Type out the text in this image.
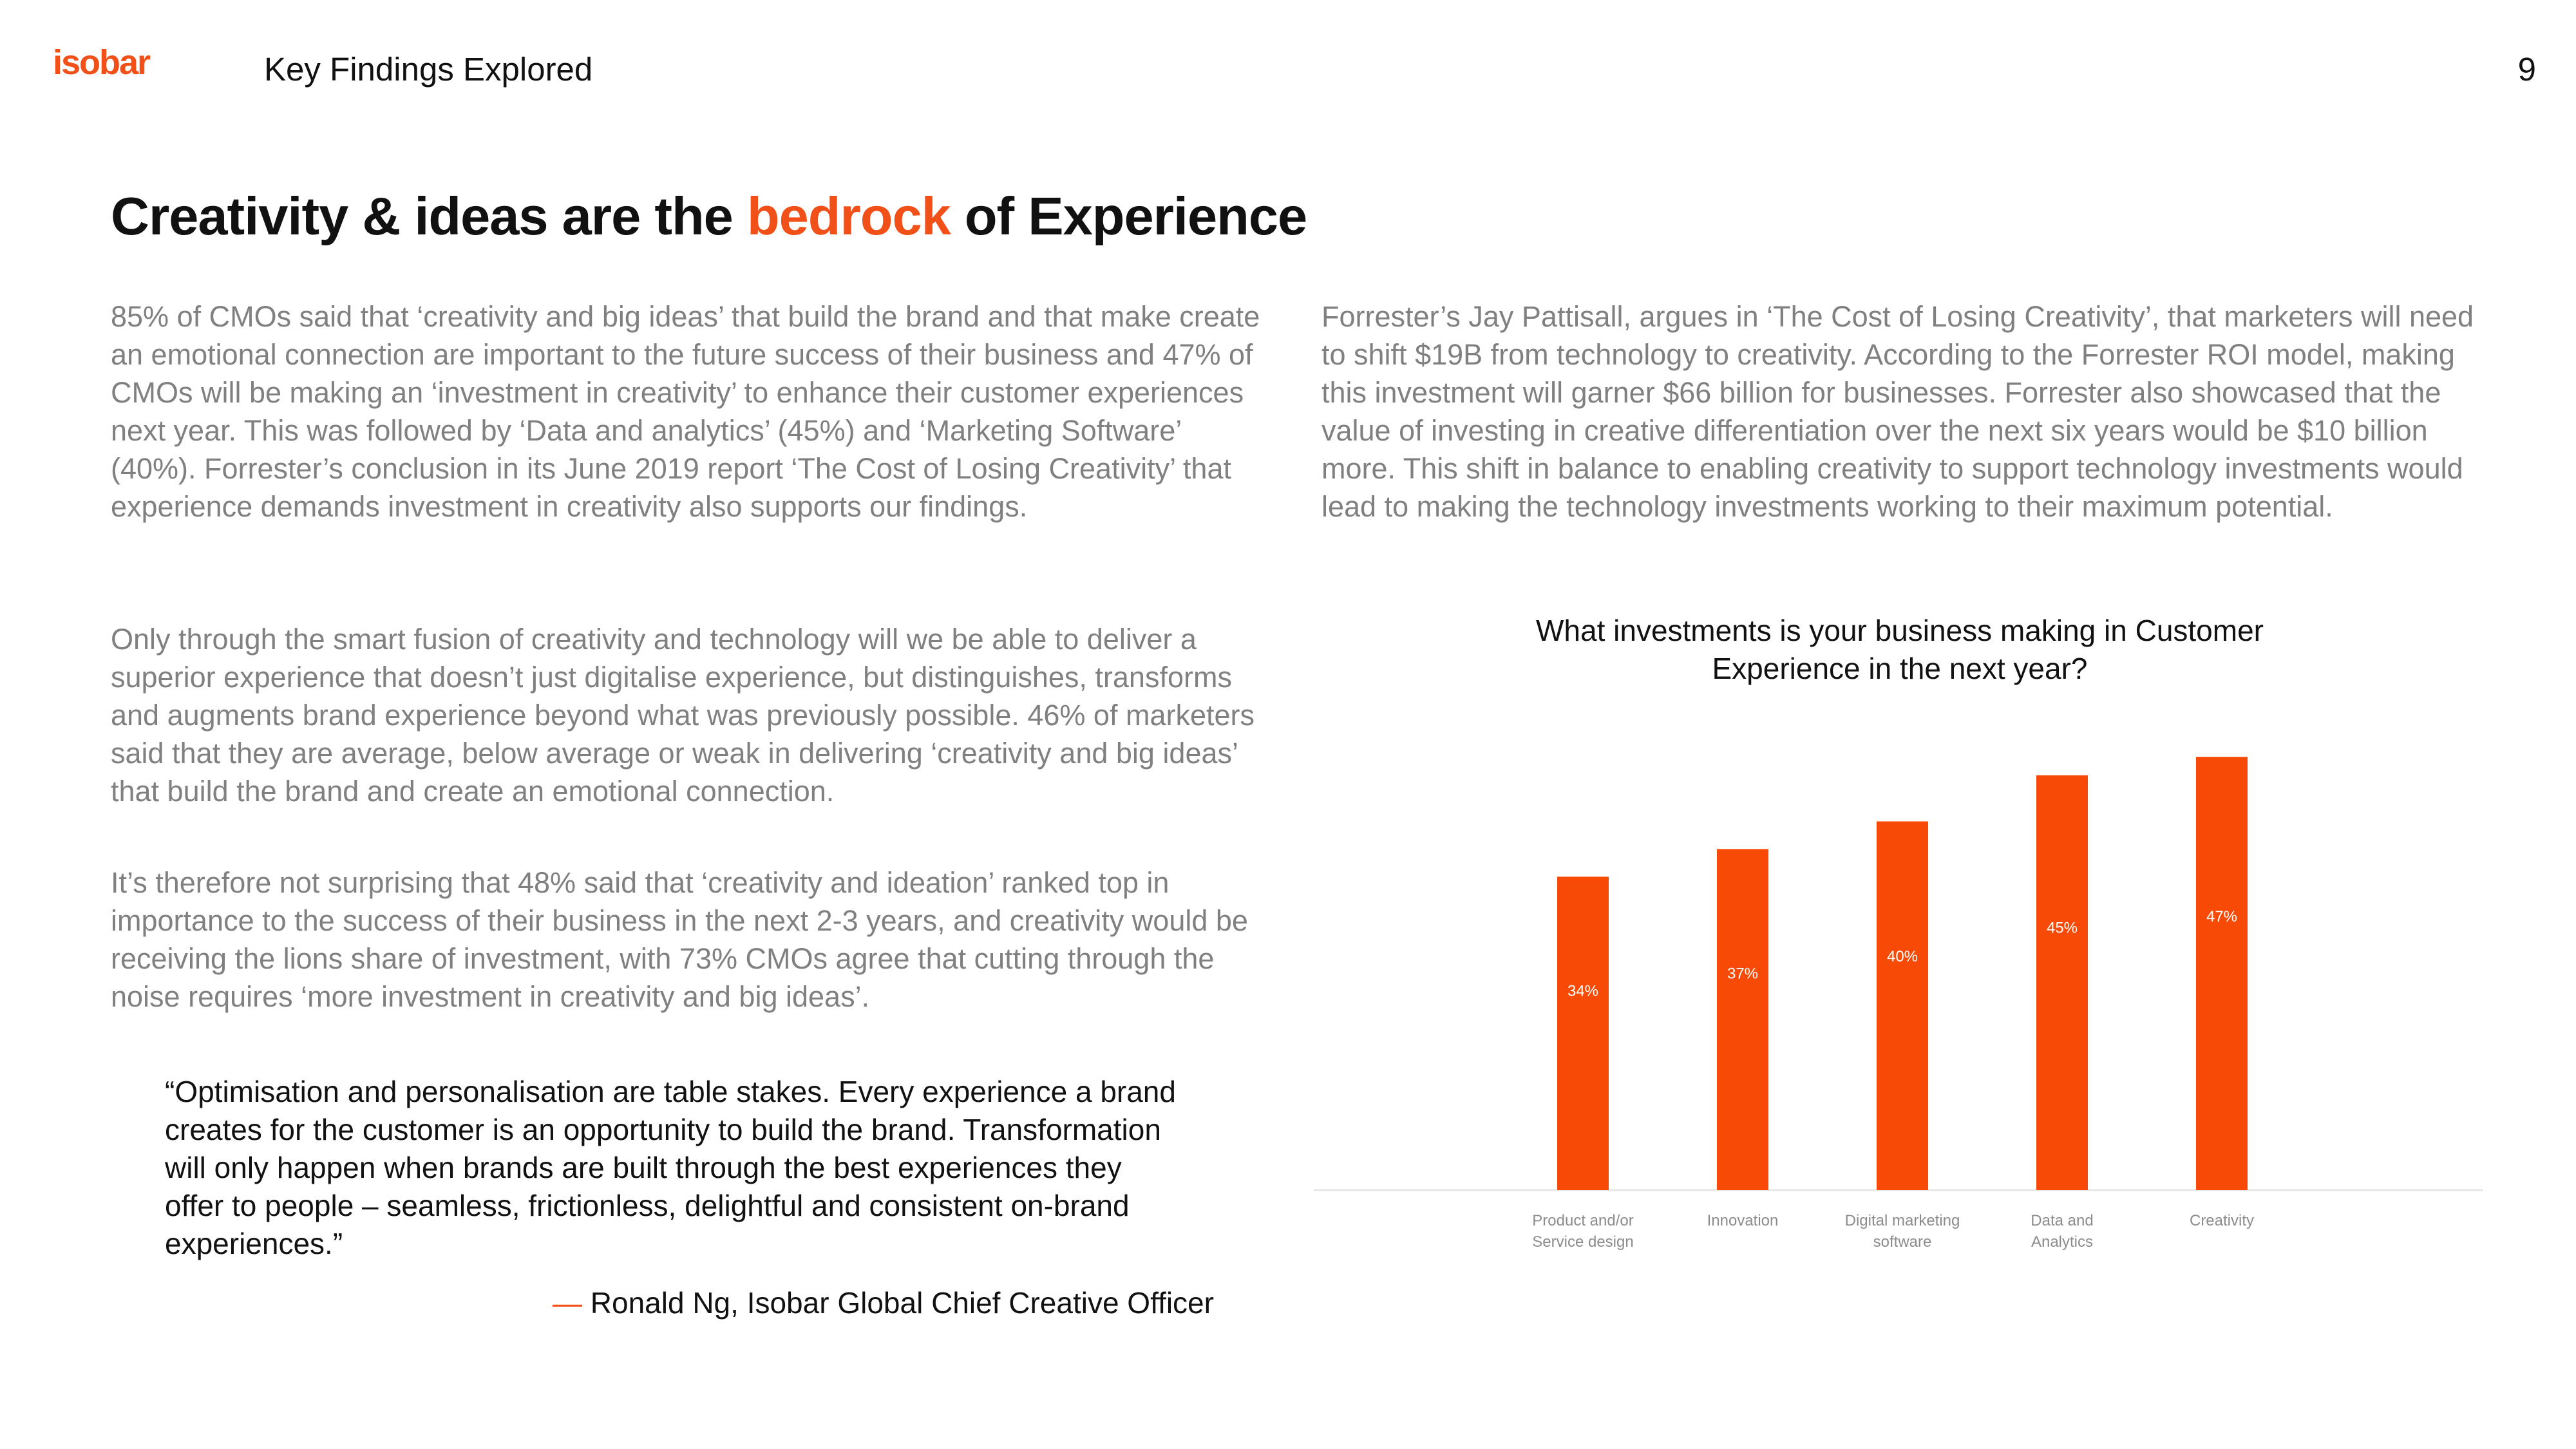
isobar	Key Findings Explored	9
Creativity & ideas are the bedrock of Experience

85% of CMOs said that ‘creativity and big ideas’ that build the brand and that make create an emotional connection are important to the future success of their business and 47% of CMOs will be making an ‘investment in creativity’ to enhance their customer experiences next year. This was followed by ‘Data and analytics’ (45%) and ‘Marketing Software’ (40%). Forrester’s conclusion in its June 2019 report ‘The Cost of Losing Creativity’ that experience demands investment in creativity also supports our findings.

Only through the smart fusion of creativity and technology will we be able to deliver a superior experience that doesn’t just digitalise experience, but distinguishes, transforms and augments brand experience beyond what was previously possible. 46% of marketers said that they are average, below average or weak in delivering ‘creativity and big ideas’ that build the brand and create an emotional connection.

It’s therefore not surprising that 48% said that ‘creativity and ideation’ ranked top in importance to the success of their business in the next 2-3 years, and creativity would be receiving the lions share of investment, with 73% CMOs agree that cutting through the noise requires ‘more investment in creativity and big ideas’.

Forrester’s Jay Pattisall, argues in ‘The Cost of Losing Creativity’, that marketers will need to shift $19B from technology to creativity. According to the Forrester ROI model, making this investment will garner $66 billion for businesses. Forrester also showcased that the value of investing in creative differentiation over the next six years would be $10 billion more. This shift in balance to enabling creativity to support technology investments would lead to making the technology investments working to their maximum potential.

“Optimisation and personalisation are table stakes. Every experience a brand creates for the customer is an opportunity to build the brand. Transformation will only happen when brands are built through the best experiences they offer to people – seamless, frictionless, delightful and consistent on-brand experiences.”
— Ronald Ng, Isobar Global Chief Creative Officer
What investments is your business making in Customer Experience in the next year?
34%
Product and/or Service design
37%
Innovation
40%
Digital marketing software
45%
Data and Analytics
47%
Creativity
